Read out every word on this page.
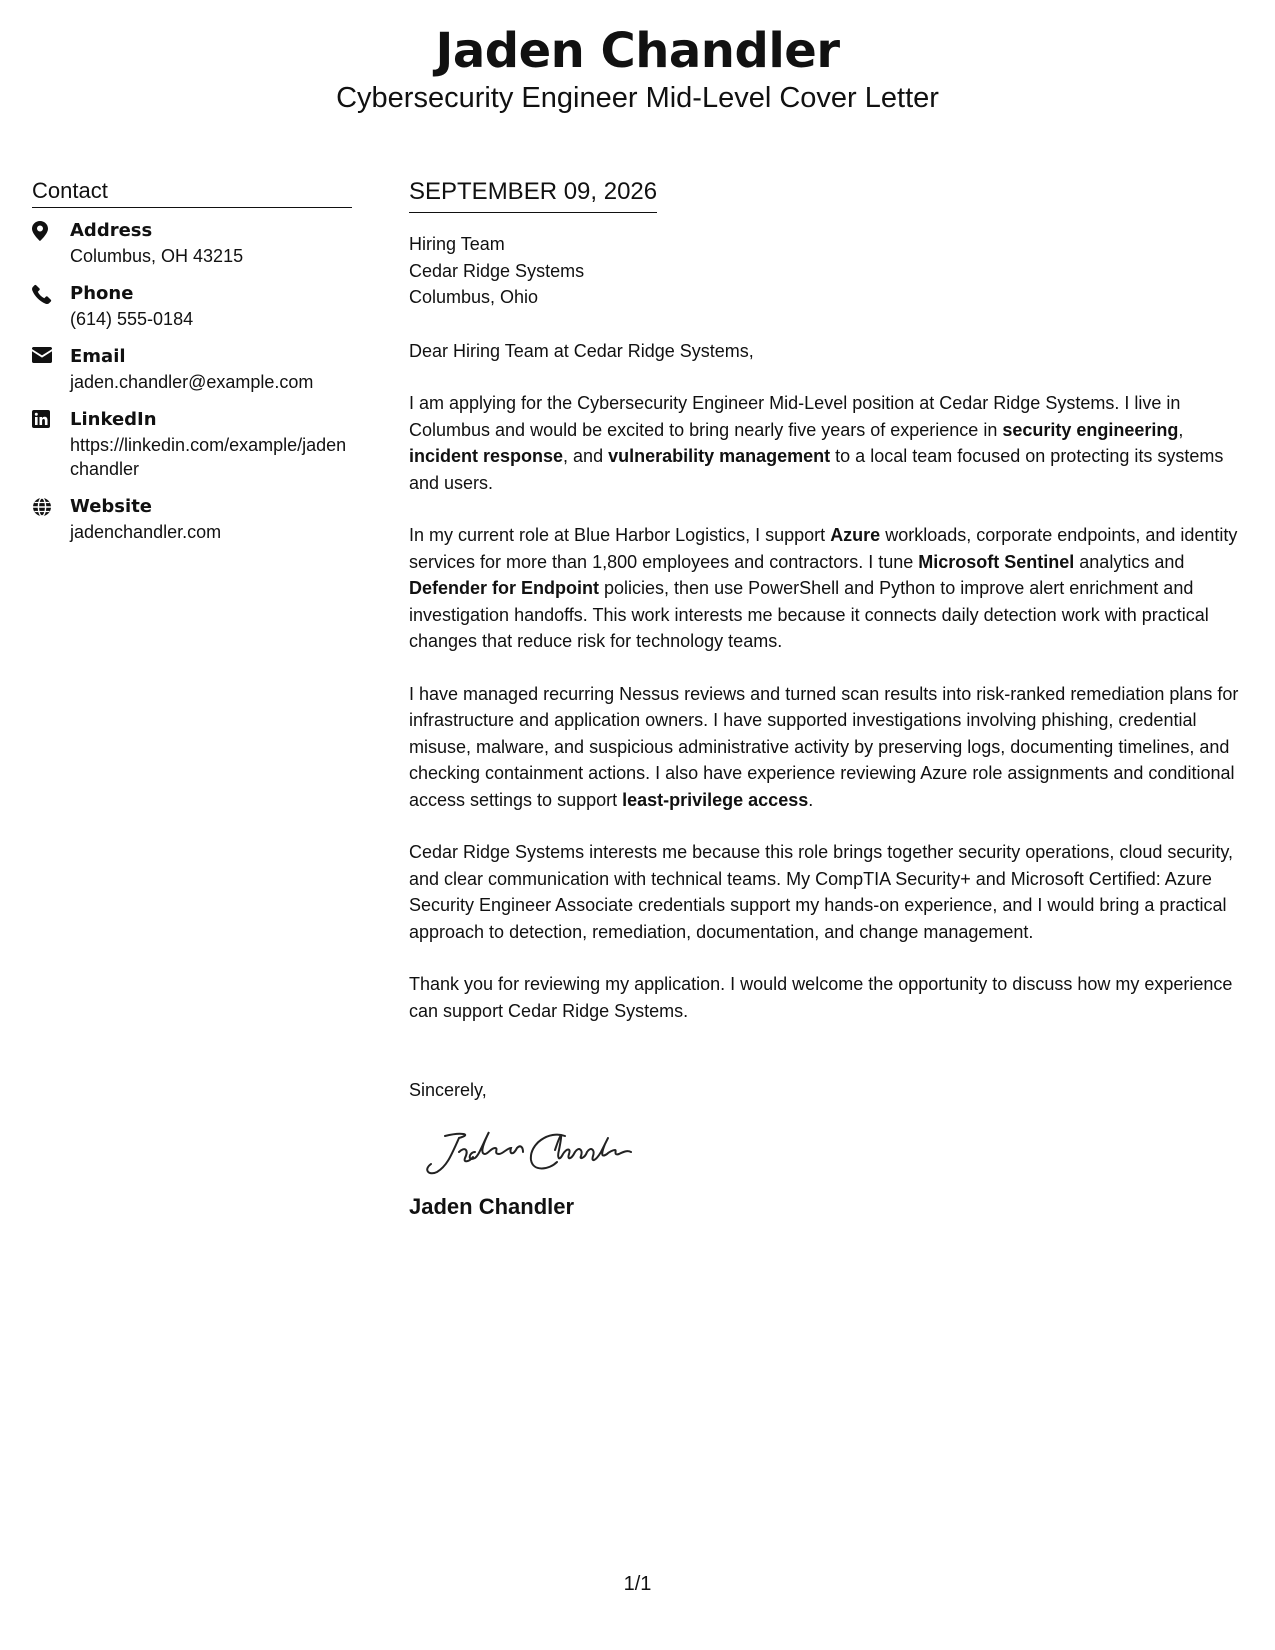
Jaden Chandler
Cybersecurity Engineer Mid-Level Cover Letter
Contact
Address
Columbus, OH 43215
Phone
(614) 555-0184
Email
jaden.chandler@example.com
LinkedIn
https://linkedin.com/example/jadenchandler
Website
jadenchandler.com
SEPTEMBER 09, 2026
Hiring Team
Cedar Ridge Systems
Columbus, Ohio

Dear Hiring Team at Cedar Ridge Systems,

I am applying for the Cybersecurity Engineer Mid-Level position at Cedar Ridge Systems. I live in Columbus and would be excited to bring nearly five years of experience in security engineering, incident response, and vulnerability management to a local team focused on protecting its systems and users.

In my current role at Blue Harbor Logistics, I support Azure workloads, corporate endpoints, and identity services for more than 1,800 employees and contractors. I tune Microsoft Sentinel analytics and Defender for Endpoint policies, then use PowerShell and Python to improve alert enrichment and investigation handoffs. This work interests me because it connects daily detection work with practical changes that reduce risk for technology teams.

I have managed recurring Nessus reviews and turned scan results into risk-ranked remediation plans for infrastructure and application owners. I have supported investigations involving phishing, credential misuse, malware, and suspicious administrative activity by preserving logs, documenting timelines, and checking containment actions. I also have experience reviewing Azure role assignments and conditional access settings to support least-privilege access.

Cedar Ridge Systems interests me because this role brings together security operations, cloud security, and clear communication with technical teams. My CompTIA Security+ and Microsoft Certified: Azure Security Engineer Associate credentials support my hands-on experience, and I would bring a practical approach to detection, remediation, documentation, and change management.

Thank you for reviewing my application. I would welcome the opportunity to discuss how my experience can support Cedar Ridge Systems.

Sincerely,

Jaden Chandler
1/1
